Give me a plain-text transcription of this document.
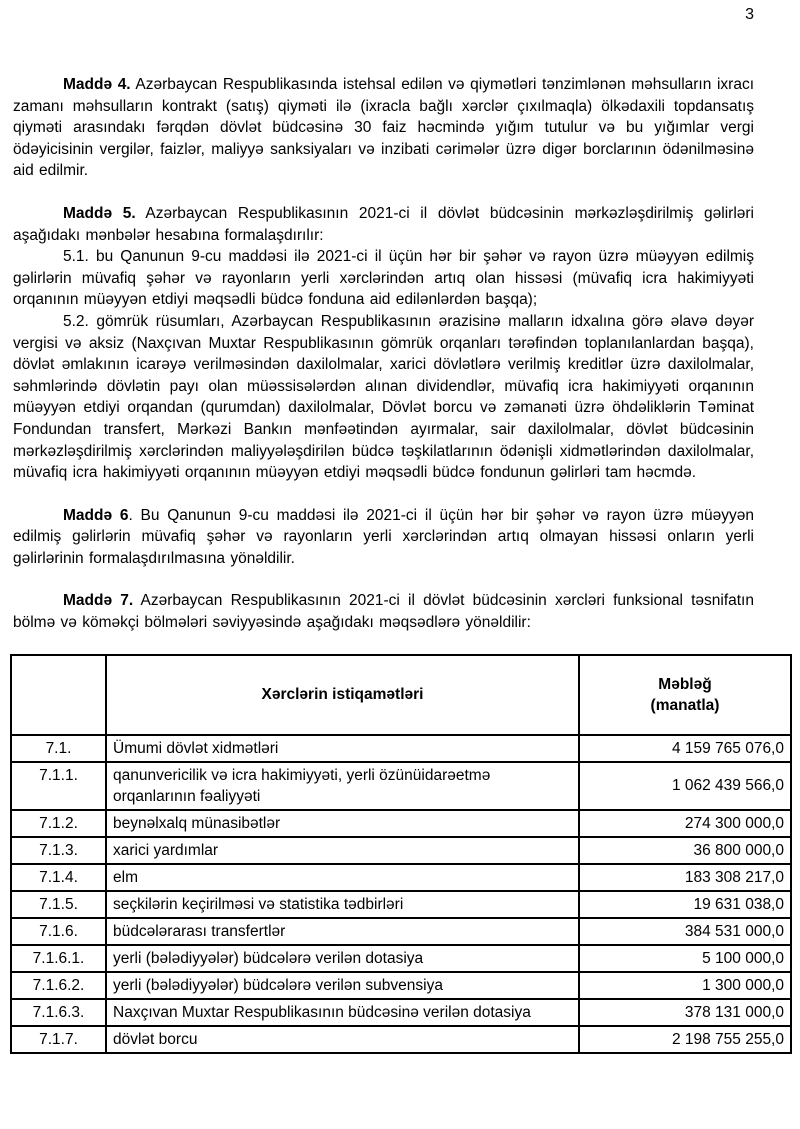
3

Maddə 4. Azərbaycan Respublikasında istehsal edilən və qiymətləri tənzimlənən məhsulların ixracı zamanı məhsulların kontrakt (satış) qiyməti ilə (ixracla bağlı xərclər çıxılmaqla) ölkədaxili topdansatış qiyməti arasındakı fərqdən dövlət büdcəsinə 30 faiz həcmində yığım tutulur və bu yığımlar vergi ödəyicisinin vergilər, faizlər, maliyyə sanksiyaları və inzibati cərimələr üzrə digər borclarının ödənilməsinə aid edilmir.

Maddə 5. Azərbaycan Respublikasının 2021-ci il dövlət büdcəsinin mərkəzləşdirilmiş gəlirləri aşağıdakı mənbələr hesabına formalaşdırılır:

5.1. bu Qanunun 9-cu maddəsi ilə 2021-ci il üçün hər bir şəhər və rayon üzrə müəyyən edilmiş gəlirlərin müvafiq şəhər və rayonların yerli xərclərindən artıq olan hissəsi (müvafiq icra hakimiyyəti orqanının müəyyən etdiyi məqsədli büdcə fonduna aid edilənlərdən başqa);

5.2. gömrük rüsumları, Azərbaycan Respublikasının ərazisinə malların idxalına görə əlavə dəyər vergisi və aksiz (Naxçıvan Muxtar Respublikasının gömrük orqanları tərəfindən toplanılanlardan başqa), dövlət əmlakının icarəyə verilməsindən daxilolmalar, xarici dövlətlərə verilmiş kreditlər üzrə daxilolmalar, səhmlərində dövlətin payı olan müəssisələrdən alınan dividendlər, müvafiq icra hakimiyyəti orqanının müəyyən etdiyi orqandan (qurumdan) daxilolmalar, Dövlət borcu və zəmanəti üzrə öhdəliklərin Təminat Fondundan transfert, Mərkəzi Bankın mənfəətindən ayırmalar, sair daxilolmalar, dövlət büdcəsinin mərkəzləşdirilmiş xərclərindən maliyyələşdirilən büdcə təşkilatlarının ödənişli xidmətlərindən daxilolmalar, müvafiq icra hakimiyyəti orqanının müəyyən etdiyi məqsədli büdcə fondunun gəlirləri tam həcmdə.

Maddə 6. Bu Qanunun 9-cu maddəsi ilə 2021-ci il üçün hər bir şəhər və rayon üzrə müəyyən edilmiş gəlirlərin müvafiq şəhər və rayonların yerli xərclərindən artıq olmayan hissəsi onların yerli gəlirlərinin formalaşdırılmasına yönəldilir.

Maddə 7. Azərbaycan Respublikasının 2021-ci il dövlət büdcəsinin xərcləri funksional təsnifatın bölmə və köməkçi bölmələri səviyyəsində aşağıdakı məqsədlərə yönəldilir:

	Xərclərin istiqamətləri	Məbləğ
(manatla)

7.1.	Ümumi dövlət xidmətləri	4 159 765 076,0
7.1.1.	qanunvericilik və icra hakimiyyəti, yerli özünüidarəetmə orqanlarının fəaliyyəti	1 062 439 566,0
7.1.2.	beynəlxalq münasibətlər	274 300 000,0
7.1.3.	xarici yardımlar	36 800 000,0
7.1.4.	elm	183 308 217,0
7.1.5.	seçkilərin keçirilməsi və statistika tədbirləri	19 631 038,0
7.1.6.	büdcələrarası transfertlər	384 531 000,0
7.1.6.1.	yerli (bələdiyyələr) büdcələrə verilən dotasiya	5 100 000,0
7.1.6.2.	yerli (bələdiyyələr) büdcələrə verilən subvensiya	1 300 000,0
7.1.6.3.	Naxçıvan Muxtar Respublikasının büdcəsinə verilən dotasiya	378 131 000,0
7.1.7.	dövlət borcu	2 198 755 255,0
